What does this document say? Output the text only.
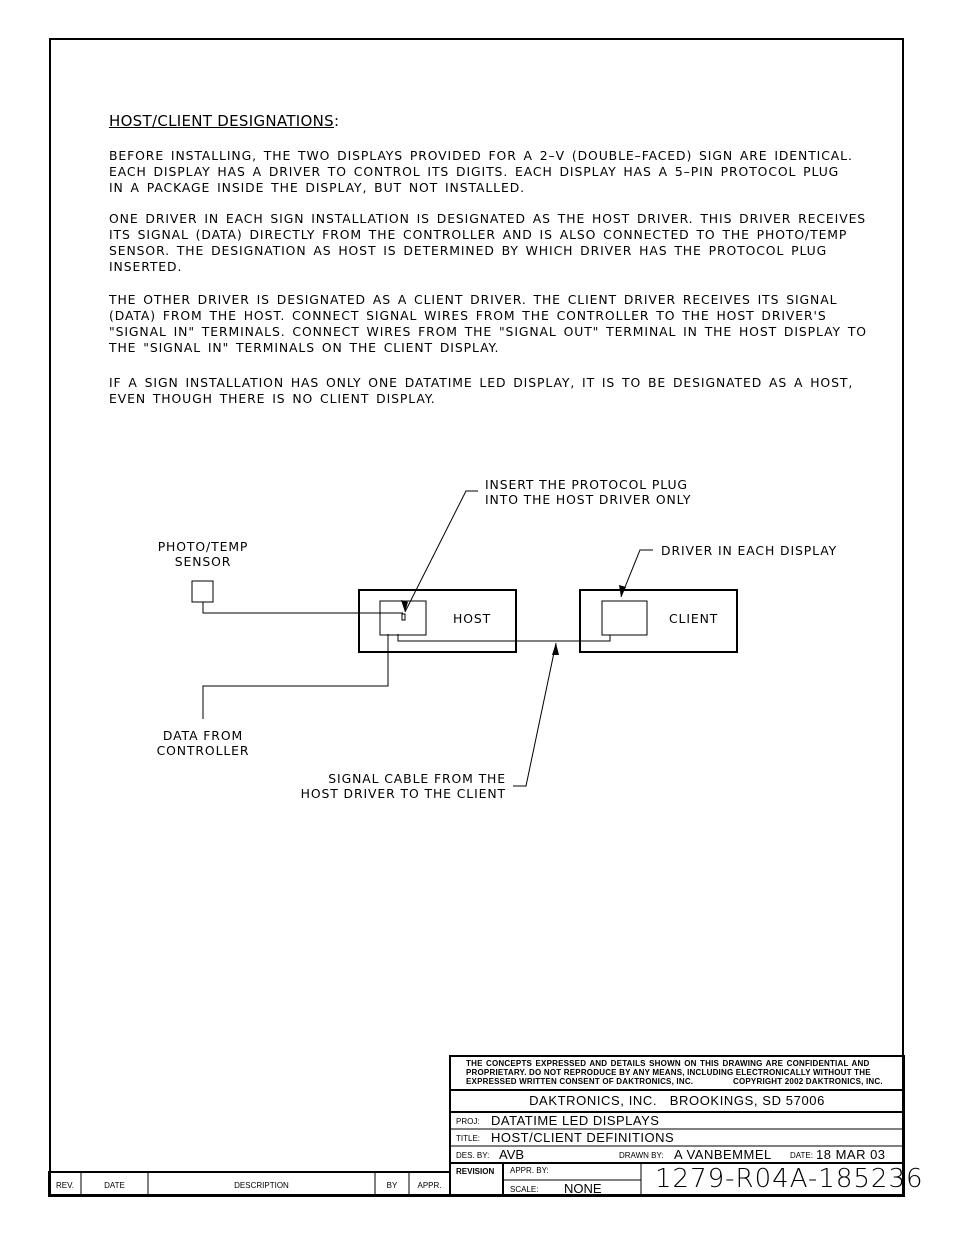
HOST/CLIENT DESIGNATIONS:
BEFORE INSTALLING, THE TWO DISPLAYS PROVIDED FOR A 2–V (DOUBLE–FACED) SIGN ARE IDENTICAL.
EACH DISPLAY HAS A DRIVER TO CONTROL ITS DIGITS. EACH DISPLAY HAS A 5–PIN PROTOCOL PLUG
IN A PACKAGE INSIDE THE DISPLAY, BUT NOT INSTALLED.
ONE DRIVER IN EACH SIGN INSTALLATION IS DESIGNATED AS THE HOST DRIVER. THIS DRIVER RECEIVES
ITS SIGNAL (DATA) DIRECTLY FROM THE CONTROLLER AND IS ALSO CONNECTED TO THE PHOTO/TEMP
SENSOR. THE DESIGNATION AS HOST IS DETERMINED BY WHICH DRIVER HAS THE PROTOCOL PLUG
INSERTED.
THE OTHER DRIVER IS DESIGNATED AS A CLIENT DRIVER. THE CLIENT DRIVER RECEIVES ITS SIGNAL
(DATA) FROM THE HOST. CONNECT SIGNAL WIRES FROM THE CONTROLLER TO THE HOST DRIVER'S
"SIGNAL IN" TERMINALS. CONNECT WIRES FROM THE "SIGNAL OUT" TERMINAL IN THE HOST DISPLAY TO
THE "SIGNAL IN" TERMINALS ON THE CLIENT DISPLAY.
IF A SIGN INSTALLATION HAS ONLY ONE DATATIME LED DISPLAY, IT IS TO BE DESIGNATED AS A HOST,
EVEN THOUGH THERE IS NO CLIENT DISPLAY.
INSERT THE PROTOCOL PLUG
INTO THE HOST DRIVER ONLY
PHOTO/TEMP
SENSOR
DRIVER IN EACH DISPLAY
HOST	CLIENT
DATA FROM
CONTROLLER
SIGNAL CABLE FROM THE
HOST DRIVER TO THE CLIENT
THE CONCEPTS EXPRESSED AND DETAILS SHOWN ON THIS DRAWING ARE CONFIDENTIAL AND
PROPRIETARY. DO NOT REPRODUCE BY ANY MEANS, INCLUDING ELECTRONICALLY WITHOUT THE
EXPRESSED WRITTEN CONSENT OF DAKTRONICS, INC.	COPYRIGHT 2002 DAKTRONICS, INC.
DAKTRONICS, INC.   BROOKINGS, SD 57006
PROJ: DATATIME LED DISPLAYS
TITLE: HOST/CLIENT DEFINITIONS
DES. BY: AVB	DRAWN BY: A VANBEMMEL DATE: 18 MAR 03
REVISION APPR. BY:
SCALE: NONE 1279-R04A-185236
REV.	DATE	DESCRIPTION	BY	APPR.
